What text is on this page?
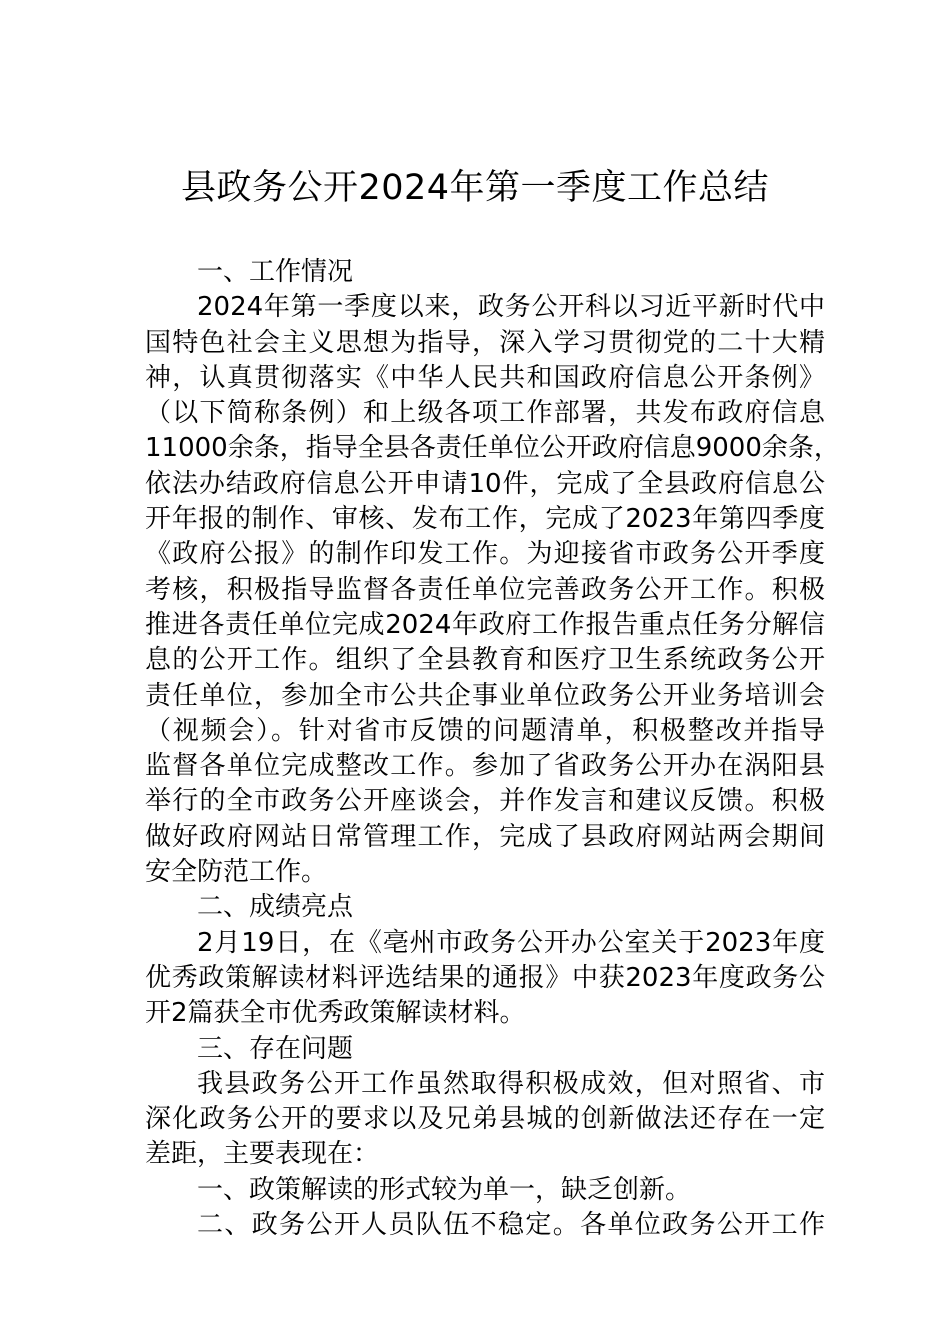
县政务公开2024年第一季度工作总结
一、工作情况
2024年第一季度以来，政务公开科以习近平新时代中
国特色社会主义思想为指导，深入学习贯彻党的二十大精
神，认真贯彻落实《中华人民共和国政府信息公开条例》
（以下简称条例）和上级各项工作部署，共发布政府信息
11000余条，指导全县各责任单位公开政府信息9000余条，
依法办结政府信息公开申请10件，完成了全县政府信息公
开年报的制作、审核、发布工作，完成了2023年第四季度
《政府公报》的制作印发工作。为迎接省市政务公开季度
考核，积极指导监督各责任单位完善政务公开工作。积极
推进各责任单位完成2024年政府工作报告重点任务分解信
息的公开工作。组织了全县教育和医疗卫生系统政务公开
责任单位，参加全市公共企事业单位政务公开业务培训会
（视频会）。针对省市反馈的问题清单，积极整改并指导
监督各单位完成整改工作。参加了省政务公开办在涡阳县
举行的全市政务公开座谈会，并作发言和建议反馈。积极
做好政府网站日常管理工作，完成了县政府网站两会期间
安全防范工作。
二、成绩亮点
2月19日，在《亳州市政务公开办公室关于2023年度
优秀政策解读材料评选结果的通报》中获2023年度政务公
开2篇获全市优秀政策解读材料。
三、存在问题
我县政务公开工作虽然取得积极成效，但对照省、市
深化政务公开的要求以及兄弟县城的创新做法还存在一定
差距，主要表现在：
一、政策解读的形式较为单一，缺乏创新。
二、政务公开人员队伍不稳定。各单位政务公开工作
